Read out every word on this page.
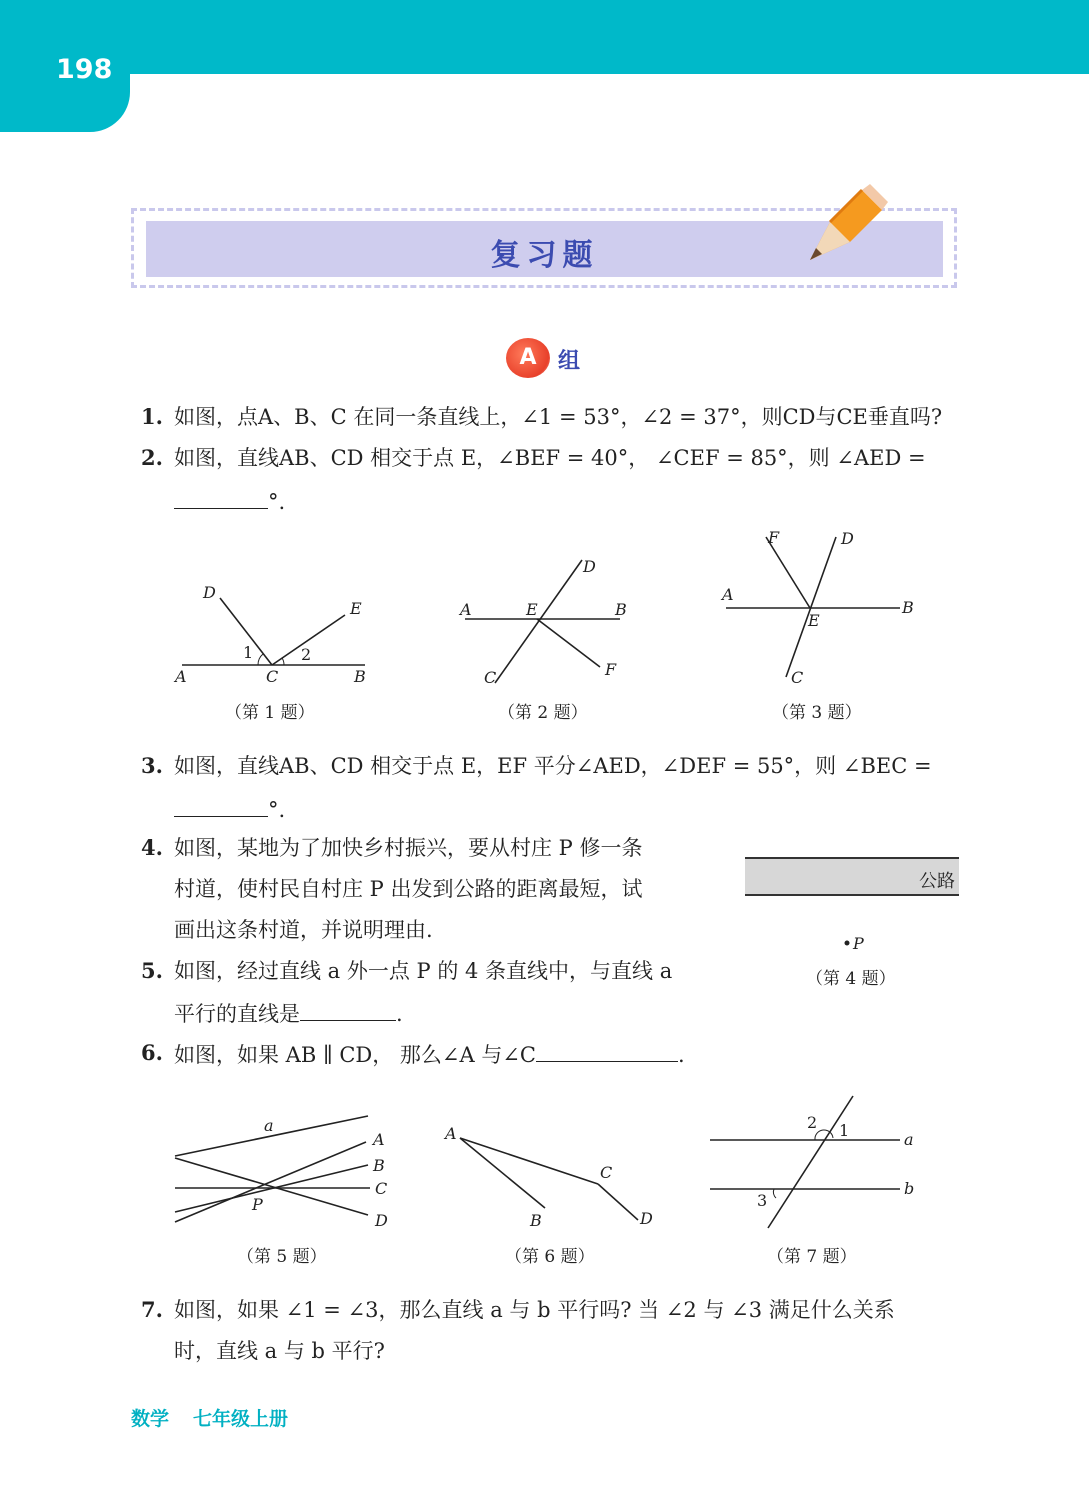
198
复习题
A 组
1. 如图，点A、B、C 在同一条直线上，∠1 = 53°，∠2 = 37°，则CD与CE垂直吗?
2. 如图，直线AB、CD 相交于点 E，∠BEF = 40°， ∠CEF = 85°，则 ∠AED =
°.
D
E
1	2
A	C	B
（第 1 题）
D
A	E	B
C	F
（第 2 题）
F	D
A
B
E
C
（第 3 题）
3. 如图，直线AB、CD 相交于点 E，EF 平分∠AED，∠DEF = 55°，则 ∠BEC =
°.
4. 如图，某地为了加快乡村振兴，要从村庄 P 修一条
村道，使村民自村庄 P 出发到公路的距离最短，试
画出这条村道，并说明理由.
公路
P
（第 4 题）
5. 如图，经过直线 a 外一点 P 的 4 条直线中，与直线 a
平行的直线是	.
6. 如图，如果 AB ∥ CD， 那么∠A 与∠C	.
a
A
B
C
P
D
（第 5 题）
A
C
B	D
（第 6 题）
2 1	a
b
3
（第 7 题）
7. 如图，如果 ∠1 = ∠3，那么直线 a 与 b 平行吗? 当 ∠2 与 ∠3 满足什么关系
时，直线 a 与 b 平行?
数学 七年级上册
